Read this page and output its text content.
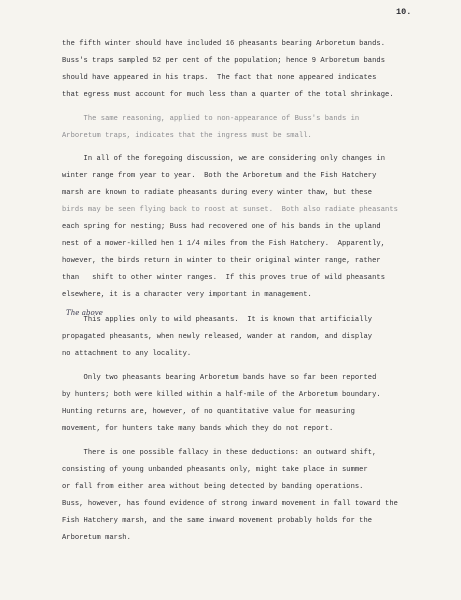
10.
the fifth winter should have included 16 pheasants bearing Arboretum bands.
Buss's traps sampled 52 per cent of the population; hence 9 Arboretum bands
should have appeared in his traps.  The fact that none appeared indicates
that egress must account for much less than a quarter of the total shrinkage.
The same reasoning, applied to non-appearance of Buss's bands in
Arboretum traps, indicates that the ingress must be small.
In all of the foregoing discussion, we are considering only changes in
winter range from year to year.  Both the Arboretum and the Fish Hatchery
marsh are known to radiate pheasants during every winter thaw, but these
birds may be seen flying back to roost at sunset.  Both also radiate pheasants
each spring for nesting; Buss had recovered one of his bands in the upland
nest of a mower-killed hen 1 1/4 miles from the Fish Hatchery.  Apparently,
however, the birds return in winter to their original winter range, rather
than   shift to other winter ranges.  If this proves true of wild pheasants
elsewhere, it is a character very important in management.
This applies only to wild pheasants.  It is known that artificially
propagated pheasants, when newly released, wander at random, and display
no attachment to any locality.
Only two pheasants bearing Arboretum bands have so far been reported
by hunters; both were killed within a half-mile of the Arboretum boundary.
Hunting returns are, however, of no quantitative value for measuring
movement, for hunters take many bands which they do not report.
There is one possible fallacy in these deductions: an outward shift,
consisting of young unbanded pheasants only, might take place in summer
or fall from either area without being detected by banding operations.
Buss, however, has found evidence of strong inward movement in fall toward the
Fish Hatchery marsh, and the same inward movement probably holds for the
Arboretum marsh.
The above
